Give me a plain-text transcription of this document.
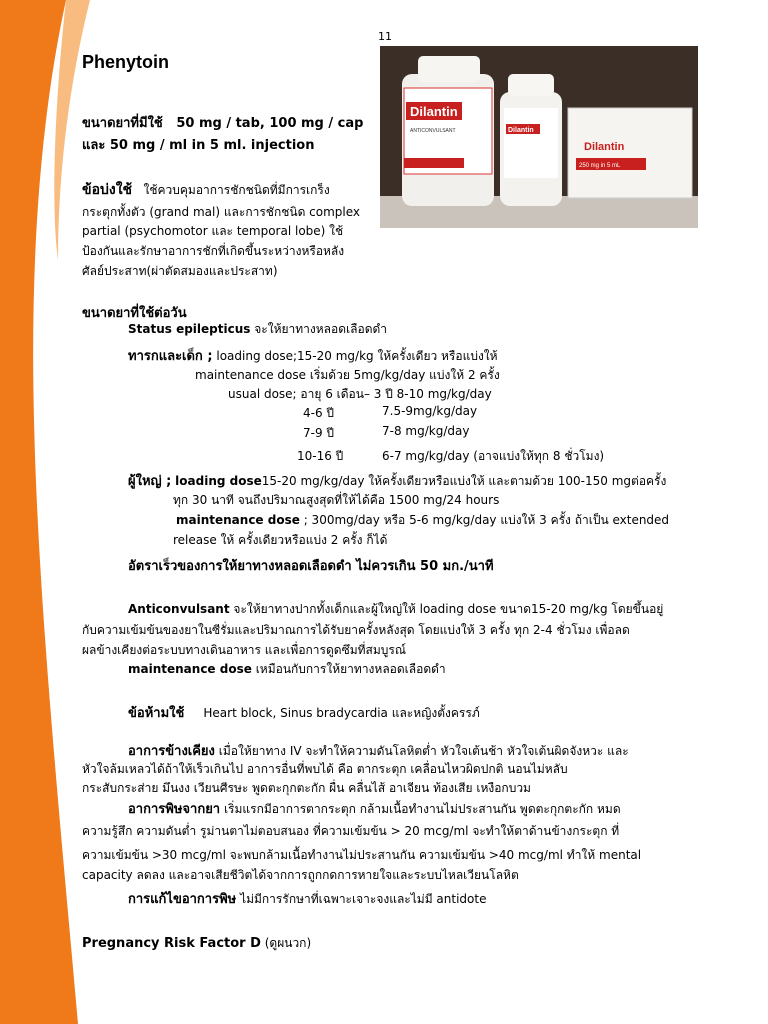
11
Phenytoin
Dilantin
ANTICONVULSANT	Dilantin
Dilantin
250 mg in 5 mL
ขนาดยาที่มีใช้ 50 mg / tab, 100 mg / cap
และ 50 mg / ml in 5 ml. injection
ข้อบ่งใช้ ใช้ควบคุมอาการชักชนิดที่มีการเกร็ง
กระตุกทั้งตัว (grand mal) และการชักชนิด complex
partial (psychomotor และ temporal lobe) ใช้
ป้องกันและรักษาอาการชักที่เกิดขึ้นระหว่างหรือหลัง
ศัลย์ประสาท(ผ่าตัดสมองและประสาท)
ขนาดยาที่ใช้ต่อวัน
Status epilepticus จะให้ยาทางหลอดเลือดดำ
ทารกและเด็ก ; loading dose;15-20 mg/kg ให้ครั้งเดียว หรือแบ่งให้
maintenance dose เริ่มด้วย 5mg/kg/day แบ่งให้ 2 ครั้ง
usual dose; อายุ 6 เดือน– 3 ปี 8-10 mg/kg/day
4-6 ปี	7.5-9mg/kg/day
7-9 ปี	7-8 mg/kg/day
10-16 ปี	6-7 mg/kg/day (อาจแบ่งให้ทุก 8 ชั่วโมง)
ผู้ใหญ่ ; loading dose15-20 mg/kg/day ให้ครั้งเดียวหรือแบ่งให้ และตามด้วย 100-150 mgต่อครั้ง
ทุก 30 นาที จนถึงปริมาณสูงสุดที่ให้ได้คือ 1500 mg/24 hours
maintenance dose ; 300mg/day หรือ 5-6 mg/kg/day แบ่งให้ 3 ครั้ง ถ้าเป็น extended
release ให้ ครั้งเดียวหรือแบ่ง 2 ครั้ง ก็ได้
อัตราเร็วของการให้ยาทางหลอดเลือดดำ ไม่ควรเกิน 50 มก./นาที
Anticonvulsant จะให้ยาทางปากทั้งเด็กและผู้ใหญ่ให้ loading dose ขนาด15-20 mg/kg โดยขึ้นอยู่
กับความเข้มข้นของยาในซีรั่มและปริมาณการได้รับยาครั้งหลังสุด โดยแบ่งให้ 3 ครั้ง ทุก 2-4 ชั่วโมง เพื่อลด
ผลข้างเคียงต่อระบบทางเดินอาหาร และเพื่อการดูดซึมที่สมบูรณ์
maintenance dose เหมือนกับการให้ยาทางหลอดเลือดดำ
ข้อห้ามใช้ Heart block, Sinus bradycardia และหญิงตั้งครรภ์
อาการข้างเคียง เมื่อให้ยาทาง IV จะทำให้ความดันโลหิตต่ำ หัวใจเต้นช้า หัวใจเต้นผิดจังหวะ และ
หัวใจล้มเหลวได้ถ้าให้เร็วเกินไป อาการอื่นที่พบได้ คือ ตากระตุก เคลื่อนไหวผิดปกติ นอนไม่หลับ
กระสับกระส่าย มึนงง เวียนศีรษะ พูดตะกุกตะกัก ผื่น คลื่นไส้ อาเจียน ท้องเสีย เหงือกบวม
อาการพิษจากยา เริ่มแรกมีอาการตากระตุก กล้ามเนื้อทำงานไม่ประสานกัน พูดตะกุกตะกัก หมด
ความรู้สึก ความดันต่ำ รูม่านตาไม่ตอบสนอง ที่ความเข้มข้น > 20 mcg/ml จะทำให้ตาด้านข้างกระตุก ที่
ความเข้มข้น >30 mcg/ml จะพบกล้ามเนื้อทำงานไม่ประสานกัน ความเข้มข้น >40 mcg/ml ทำให้ mental
capacity ลดลง และอาจเสียชีวิตได้จากการถูกกดการหายใจและระบบไหลเวียนโลหิต
การแก้ไขอาการพิษ ไม่มีการรักษาที่เฉพาะเจาะจงและไม่มี antidote
Pregnancy Risk Factor D (ดูผนวก)
